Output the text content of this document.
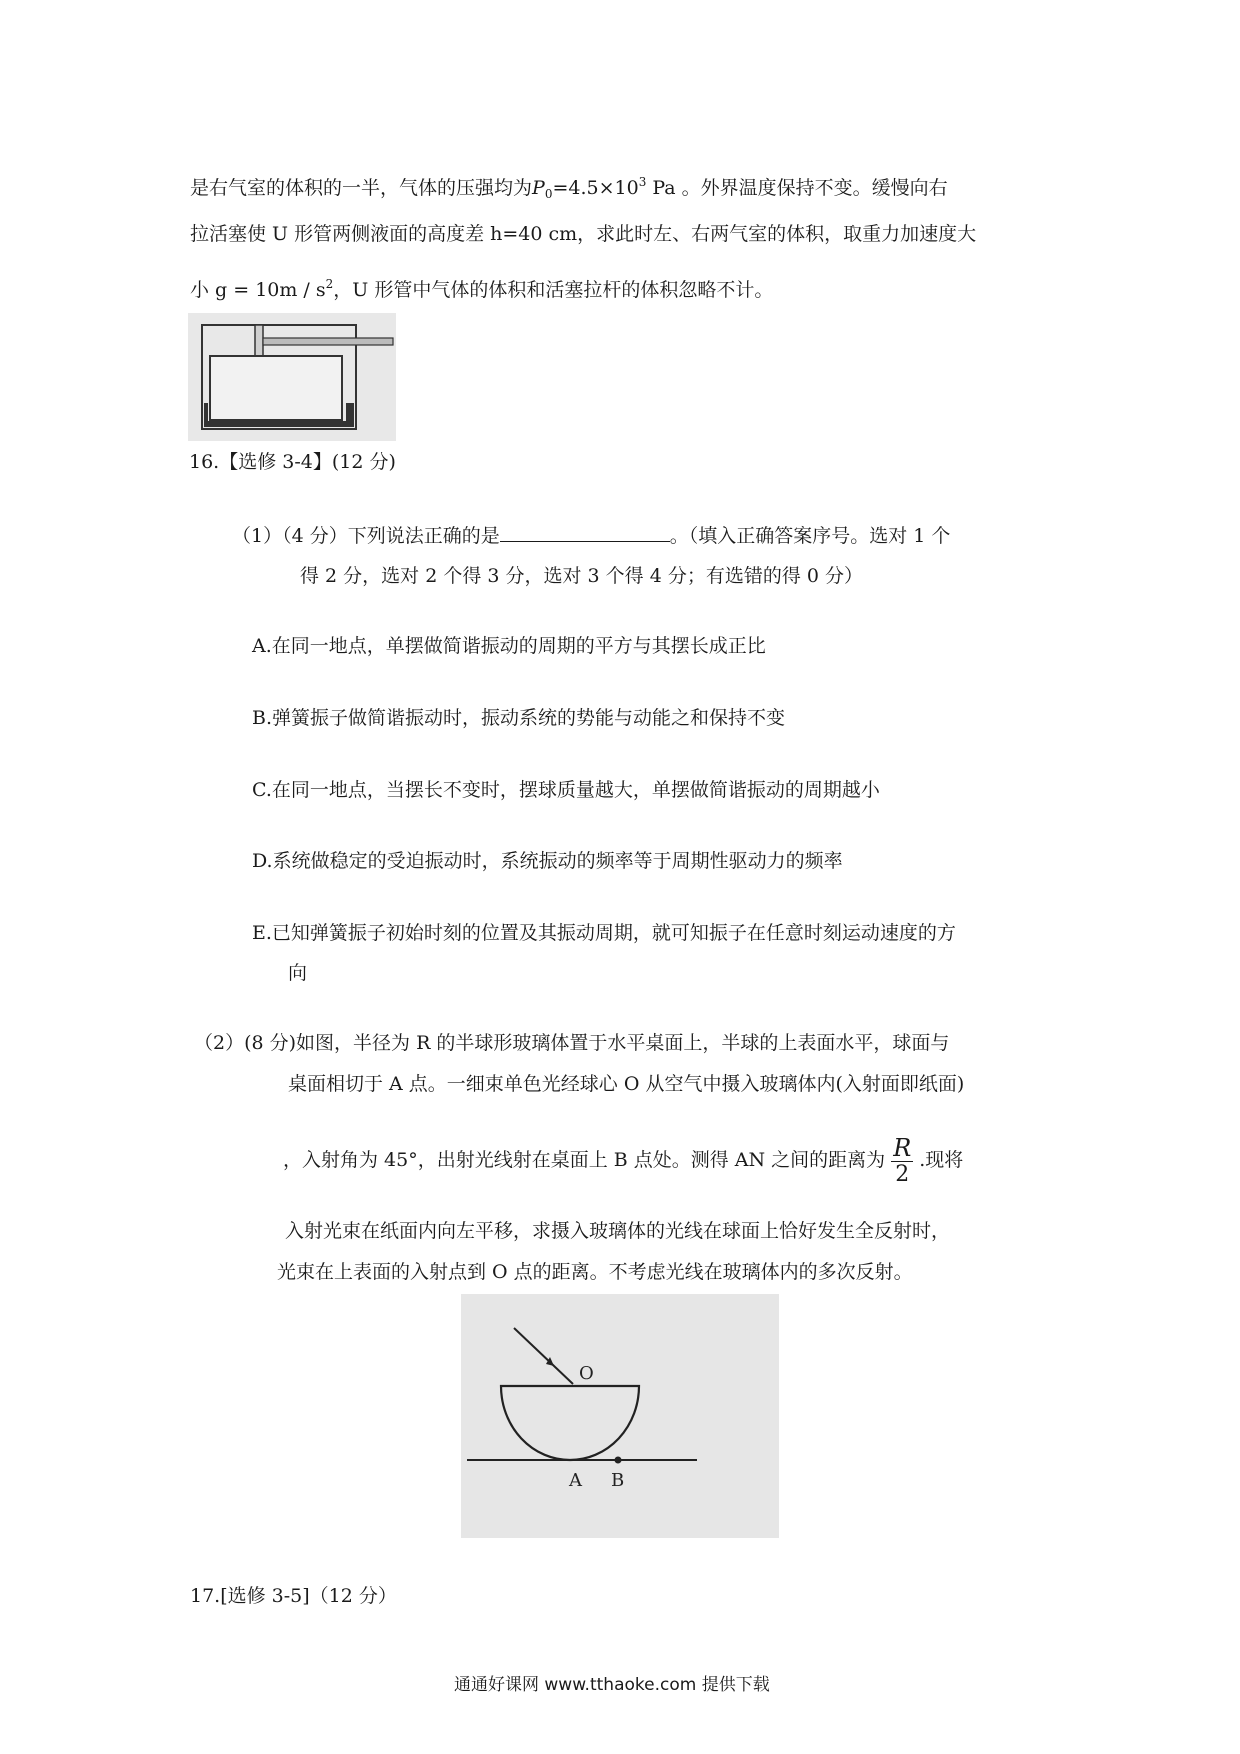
是右气室的体积的一半，气体的压强均为$P_0=4.5\times 10^3$ Pa 。外界温度保持不变。缓慢向右
拉活塞使 U 形管两侧液面的高度差 h=40 cm，求此时左、右两气室的体积，取重力加速度大
小 $g = 10m / s^2$，U 形管中气体的体积和活塞拉杆的体积忽略不计。
16.【选修 3-4】(12 分)
（1）（4 分）下列说法正确的是	。（填入正确答案序号。选对 1 个
得 2 分，选对 2 个得 3 分，选对 3 个得 4 分；有选错的得 0 分）
A.在同一地点，单摆做简谐振动的周期的平方与其摆长成正比
B.弹簧振子做简谐振动时，振动系统的势能与动能之和保持不变
C.在同一地点，当摆长不变时，摆球质量越大，单摆做简谐振动的周期越小
D.系统做稳定的受迫振动时，系统振动的频率等于周期性驱动力的频率
E.已知弹簧振子初始时刻的位置及其振动周期，就可知振子在任意时刻运动速度的方
向
（2）(8 分)如图，半径为 R 的半球形玻璃体置于水平桌面上，半球的上表面水平，球面与
桌面相切于 A 点。一细束单色光经球心 O 从空气中摄入玻璃体内(入射面即纸面)
，入射角为 45°，出射光线射在桌面上 B 点处。测得 AN 之间的距离为 $\frac{R}{2}$ .现将
入射光束在纸面内向左平移，求摄入玻璃体的光线在球面上恰好发生全反射时，
光束在上表面的入射点到 O 点的距离。不考虑光线在玻璃体内的多次反射。
O
A B
17.[选修 3-5]（12 分）
通通好课网 www.tthaoke.com 提供下载
